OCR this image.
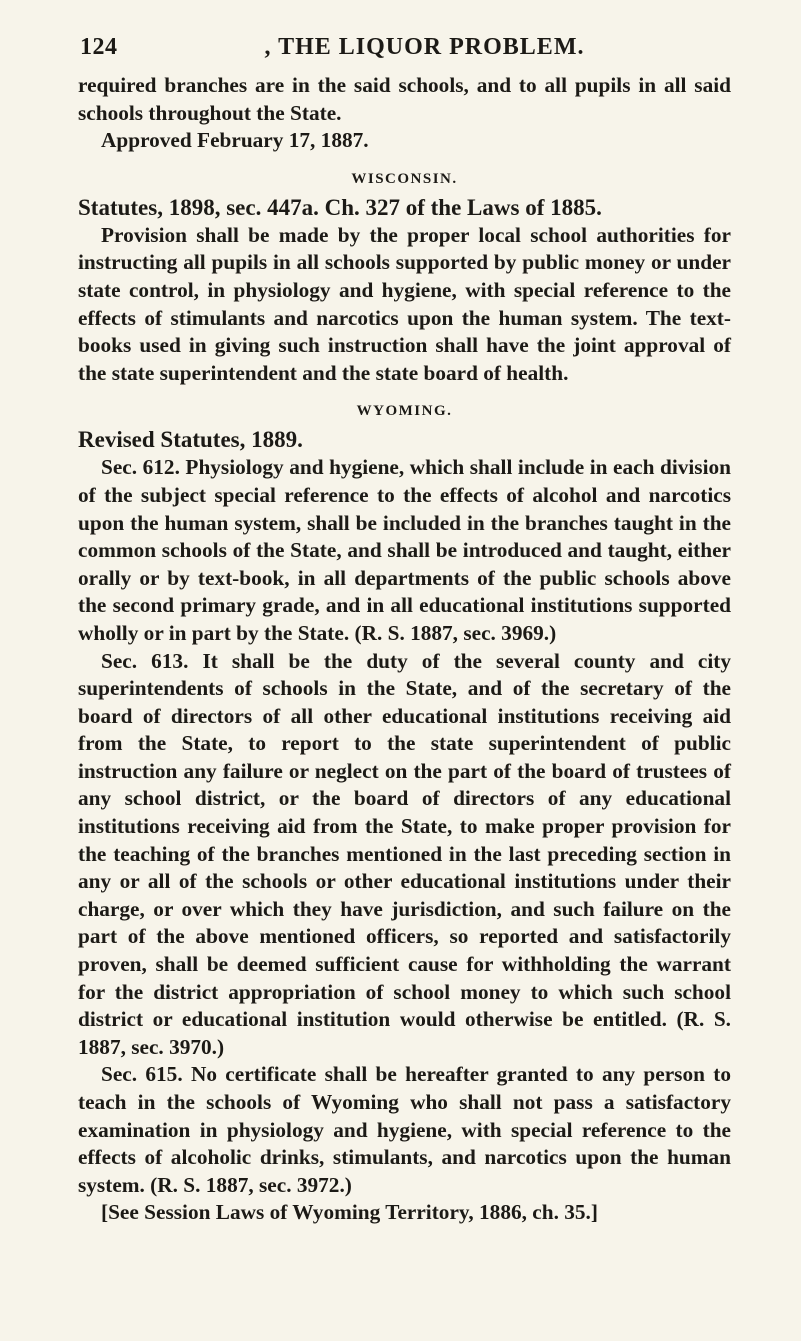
124	, THE LIQUOR PROBLEM.

required branches are in the said schools, and to all pupils in all said schools throughout the State.

Approved February 17, 1887.

WISCONSIN.

Statutes, 1898, sec. 447a. Ch. 327 of the Laws of 1885.

Provision shall be made by the proper local school authorities for instructing all pupils in all schools supported by public money or under state control, in physiology and hygiene, with special reference to the effects of stimulants and narcotics upon the human system. The text-books used in giving such instruction shall have the joint approval of the state superintendent and the state board of health.

WYOMING.

Revised Statutes, 1889.

Sec. 612. Physiology and hygiene, which shall include in each division of the subject special reference to the effects of alcohol and narcotics upon the human system, shall be included in the branches taught in the common schools of the State, and shall be introduced and taught, either orally or by text-book, in all departments of the public schools above the second primary grade, and in all educational institutions supported wholly or in part by the State. (R. S. 1887, sec. 3969.)

Sec. 613. It shall be the duty of the several county and city superintendents of schools in the State, and of the secretary of the board of directors of all other educational institutions receiving aid from the State, to report to the state superintendent of public instruction any failure or neglect on the part of the board of trustees of any school district, or the board of directors of any educational institutions receiving aid from the State, to make proper provision for the teaching of the branches mentioned in the last preceding section in any or all of the schools or other educational institutions under their charge, or over which they have jurisdiction, and such failure on the part of the above mentioned officers, so reported and satisfactorily proven, shall be deemed sufficient cause for withholding the warrant for the district appropriation of school money to which such school district or educational institution would otherwise be entitled. (R. S. 1887, sec. 3970.)

Sec. 615. No certificate shall be hereafter granted to any person to teach in the schools of Wyoming who shall not pass a satisfactory examination in physiology and hygiene, with special reference to the effects of alcoholic drinks, stimulants, and narcotics upon the human system. (R. S. 1887, sec. 3972.)

[See Session Laws of Wyoming Territory, 1886, ch. 35.]
